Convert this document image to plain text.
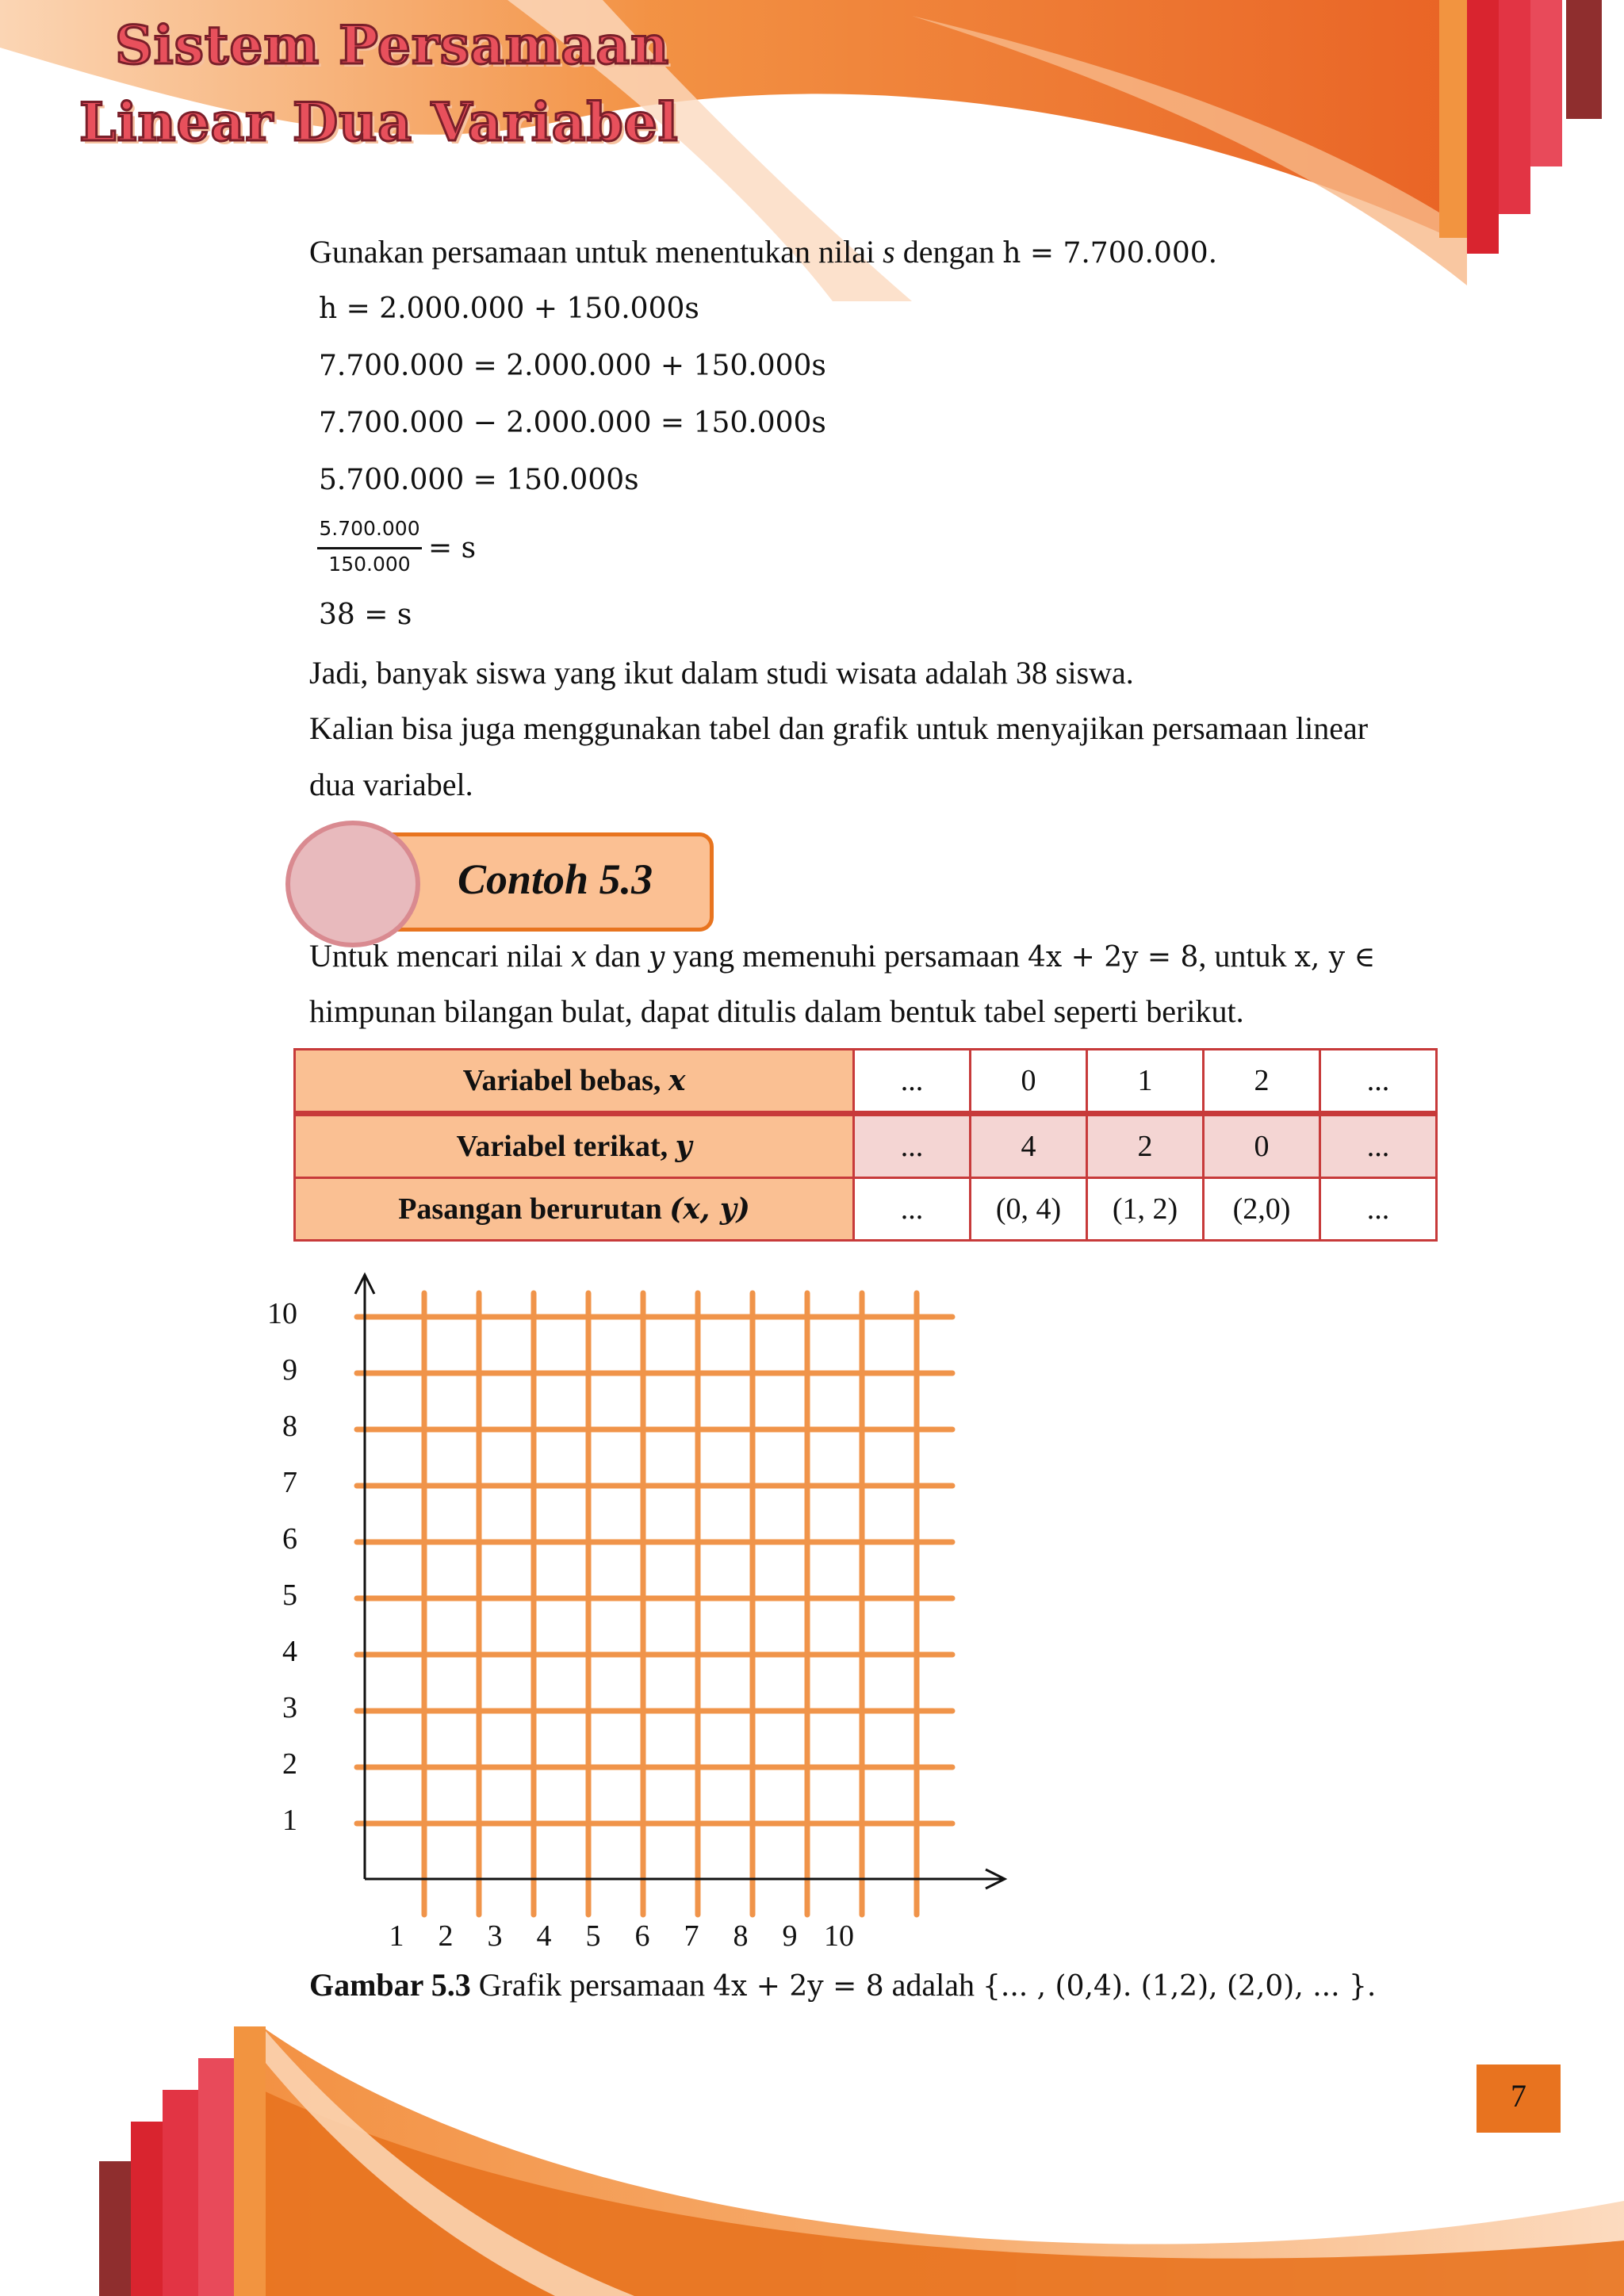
Sistem Persamaan
Linear Dua Variabel
Gunakan persamaan untuk menentukan nilai s dengan h = 7.700.000.
h = 2.000.000 + 150.000s
7.700.000 = 2.000.000 + 150.000s
7.700.000 − 2.000.000 = 150.000s
5.700.000 = 150.000s
5.700.000
150.000 = s
38 = s
Jadi, banyak siswa yang ikut dalam studi wisata adalah 38 siswa.
Kalian bisa juga menggunakan tabel dan grafik untuk menyajikan persamaan linear
dua variabel.
Contoh 5.3
Untuk mencari nilai x dan y yang memenuhi persamaan 4x + 2y = 8, untuk x, y ∈
himpunan bilangan bulat, dapat ditulis dalam bentuk tabel seperti berikut.
Variabel bebas, x	...	0	1	2	...
Variabel terikat, y	...	4	2	0	...
Pasangan berurutan (x, y)	...	(0, 4)	(1, 2)	(2,0)	...
1
2
3
4
5
6
7
8
9
10
1	2	3	4	5	6	7	8	9 10
Gambar 5.3 Grafik persamaan 4x + 2y = 8 adalah {... , (0,4). (1,2), (2,0), ... }.
7
